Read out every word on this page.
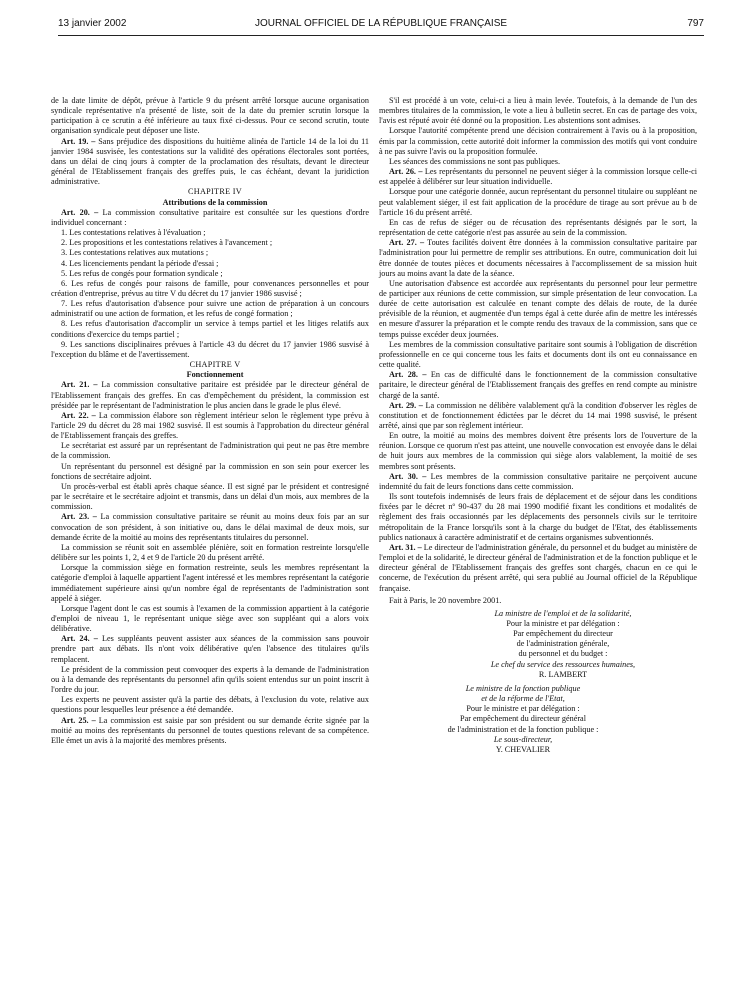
13 janvier 2002	JOURNAL OFFICIEL DE LA RÉPUBLIQUE FRANÇAISE	797

de la date limite de dépôt, prévue à l'article 9 du présent arrêté lorsque aucune organisation syndicale représentative n'a présenté de liste, soit de la date du premier scrutin lorsque la participation à ce scrutin a été inférieure au taux fixé ci-dessus. Pour ce second scrutin, toute organisation syndicale peut déposer une liste.

Art. 19. – Sans préjudice des dispositions du huitième alinéa de l'article 14 de la loi du 11 janvier 1984 susvisée, les contestations sur la validité des opérations électorales sont portées, dans un délai de cinq jours à compter de la proclamation des résultats, devant le directeur général de l'Etablissement français des greffes puis, le cas échéant, devant la juridiction administrative.

CHAPITRE IV

Attributions de la commission

Art. 20. – La commission consultative paritaire est consultée sur les questions d'ordre individuel concernant :

1. Les contestations relatives à l'évaluation ;

2. Les propositions et les contestations relatives à l'avancement ;

3. Les contestations relatives aux mutations ;

4. Les licenciements pendant la période d'essai ;

5. Les refus de congés pour formation syndicale ;

6. Les refus de congés pour raisons de famille, pour convenances personnelles et pour création d'entreprise, prévus au titre V du décret du 17 janvier 1986 susvisé ;

7. Les refus d'autorisation d'absence pour suivre une action de préparation à un concours administratif ou une action de formation, et les refus de congé formation ;

8. Les refus d'autorisation d'accomplir un service à temps partiel et les litiges relatifs aux conditions d'exercice du temps partiel ;

9. Les sanctions disciplinaires prévues à l'article 43 du décret du 17 janvier 1986 susvisé à l'exception du blâme et de l'avertissement.

CHAPITRE V

Fonctionnement

Art. 21. – La commission consultative paritaire est présidée par le directeur général de l'Etablissement français des greffes. En cas d'empêchement du président, la commission est présidée par le représentant de l'administration le plus ancien dans le grade le plus élevé.

Art. 22. – La commission élabore son règlement intérieur selon le règlement type prévu à l'article 29 du décret du 28 mai 1982 susvisé. Il est soumis à l'approbation du directeur général de l'Etablissement français des greffes.

Le secrétariat est assuré par un représentant de l'administration qui peut ne pas être membre de la commission.

Un représentant du personnel est désigné par la commission en son sein pour exercer les fonctions de secrétaire adjoint.

Un procès-verbal est établi après chaque séance. Il est signé par le président et contresigné par le secrétaire et le secrétaire adjoint et transmis, dans un délai d'un mois, aux membres de la commission.

Art. 23. – La commission consultative paritaire se réunit au moins deux fois par an sur convocation de son président, à son initiative ou, dans le délai maximal de deux mois, sur demande écrite de la moitié au moins des représentants titulaires du personnel.

La commission se réunit soit en assemblée plénière, soit en formation restreinte lorsqu'elle délibère sur les points 1, 2, 4 et 9 de l'article 20 du présent arrêté.

Lorsque la commission siège en formation restreinte, seuls les membres représentant la catégorie d'emploi à laquelle appartient l'agent intéressé et les membres représentant la catégorie immédiatement supérieure ainsi qu'un nombre égal de représentants de l'administration sont appelé à siéger.

Lorsque l'agent dont le cas est soumis à l'examen de la commission appartient à la catégorie d'emploi de niveau 1, le représentant unique siège avec son suppléant qui a alors voix délibérative.

Art. 24. – Les suppléants peuvent assister aux séances de la commission sans pouvoir prendre part aux débats. Ils n'ont voix délibérative qu'en l'absence des titulaires qu'ils remplacent.

Le président de la commission peut convoquer des experts à la demande de l'administration ou à la demande des représentants du personnel afin qu'ils soient entendus sur un point inscrit à l'ordre du jour.

Les experts ne peuvent assister qu'à la partie des débats, à l'exclusion du vote, relative aux questions pour lesquelles leur présence a été demandée.

Art. 25. – La commission est saisie par son président ou sur demande écrite signée par la moitié au moins des représentants du personnel de toutes questions relevant de sa compétence. Elle émet un avis à la majorité des membres présents.

S'il est procédé à un vote, celui-ci a lieu à main levée. Toutefois, à la demande de l'un des membres titulaires de la commission, le vote a lieu à bulletin secret. En cas de partage des voix, l'avis est réputé avoir été donné ou la proposition. Les abstentions sont admises.

Lorsque l'autorité compétente prend une décision contrairement à l'avis ou à la proposition, émis par la commission, cette autorité doit informer la commission des motifs qui vont conduire à ne pas suivre l'avis ou la proposition formulée.

Les séances des commissions ne sont pas publiques.

Art. 26. – Les représentants du personnel ne peuvent siéger à la commission lorsque celle-ci est appelée à délibérer sur leur situation individuelle.

Lorsque pour une catégorie donnée, aucun représentant du personnel titulaire ou suppléant ne peut valablement siéger, il est fait application de la procédure de tirage au sort prévue au b de l'article 16 du présent arrêté.

En cas de refus de siéger ou de récusation des représentants désignés par le sort, la représentation de cette catégorie n'est pas assurée au sein de la commission.

Art. 27. – Toutes facilités doivent être données à la commission consultative paritaire par l'administration pour lui permettre de remplir ses attributions. En outre, communication doit lui être donnée de toutes pièces et documents nécessaires à l'accomplissement de sa mission huit jours au moins avant la date de la séance.

Une autorisation d'absence est accordée aux représentants du personnel pour leur permettre de participer aux réunions de cette commission, sur simple présentation de leur convocation. La durée de cette autorisation est calculée en tenant compte des délais de route, de la durée prévisible de la réunion, et augmentée d'un temps égal à cette durée afin de mettre les intéressés en mesure d'assurer la préparation et le compte rendu des travaux de la commission, sans que ce temps puisse excéder deux journées.

Les membres de la commission consultative paritaire sont soumis à l'obligation de discrétion professionnelle en ce qui concerne tous les faits et documents dont ils ont eu connaissance en cette qualité.

Art. 28. – En cas de difficulté dans le fonctionnement de la commission consultative paritaire, le directeur général de l'Etablissement français des greffes en rend compte au ministre chargé de la santé.

Art. 29. – La commission ne délibère valablement qu'à la condition d'observer les règles de constitution et de fonctionnement édictées par le décret du 14 mai 1998 susvisé, le présent arrêté, ainsi que par son règlement intérieur.

En outre, la moitié au moins des membres doivent être présents lors de l'ouverture de la réunion. Lorsque ce quorum n'est pas atteint, une nouvelle convocation est envoyée dans le délai de huit jours aux membres de la commission qui siège alors valablement, la moitié de ses membres sont présents.

Art. 30. – Les membres de la commission consultative paritaire ne perçoivent aucune indemnité du fait de leurs fonctions dans cette commission.

Ils sont toutefois indemnisés de leurs frais de déplacement et de séjour dans les conditions fixées par le décret nº 90-437 du 28 mai 1990 modifié fixant les conditions et modalités de règlement des frais occasionnés par les déplacements des personnels civils sur le territoire métropolitain de la France lorsqu'ils sont à la charge du budget de l'Etat, des établissements publics nationaux à caractère administratif et de certains organismes subventionnés.

Art. 31. – Le directeur de l'administration générale, du personnel et du budget au ministère de l'emploi et de la solidarité, le directeur général de l'administration et de la fonction publique et le directeur général de l'Etablissement français des greffes sont chargés, chacun en ce qui le concerne, de l'exécution du présent arrêté, qui sera publié au Journal officiel de la République française.

Fait à Paris, le 20 novembre 2001.

La ministre de l'emploi et de la solidarité,

Pour la ministre et par délégation :

Par empêchement du directeur

de l'administration générale,

du personnel et du budget :

Le chef du service des ressources humaines,

R. LAMBERT

Le ministre de la fonction publique

et de la réforme de l'Etat,

Pour le ministre et par délégation :

Par empêchement du directeur général

de l'administration et de la fonction publique :

Le sous-directeur,

Y. CHEVALIER
